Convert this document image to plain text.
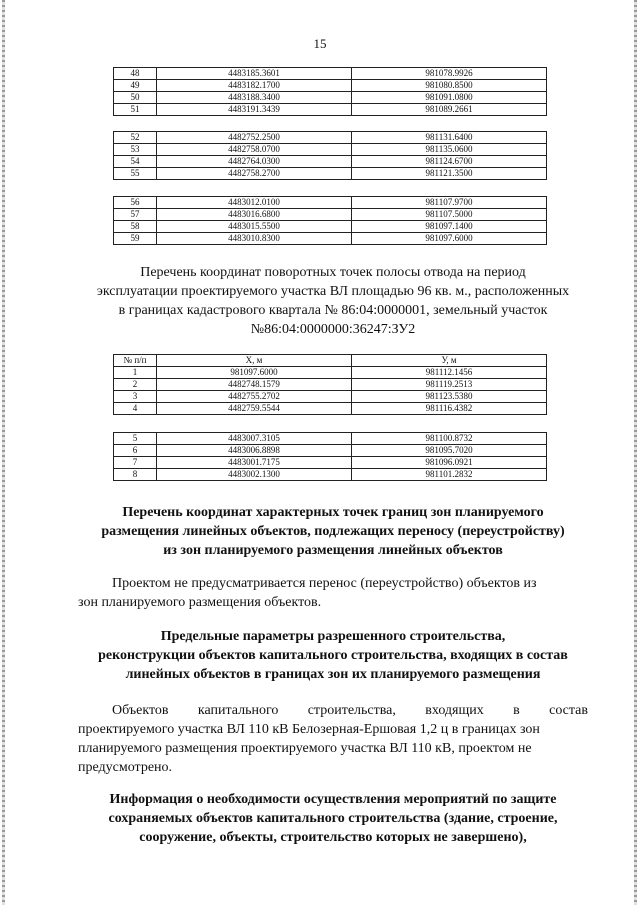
15
48	4483185.3601	981078.9926
49	4483182.1700	981080.8500
50	4483188.3400	981091.0800
51	4483191.3439	981089.2661
52	4482752.2500	981131.6400
53	4482758.0700	981135.0600
54	4482764.0300	981124.6700
55	4482758.2700	981121.3500
56	4483012.0100	981107.9700
57	4483016.6800	981107.5000
58	4483015.5500	981097.1400
59	4483010.8300	981097.6000
Перечень координат поворотных точек полосы отвода на период
эксплуатации проектируемого участка ВЛ площадью 96 кв. м., расположенных
в границах кадастрового квартала № 86:04:0000001, земельный участок
№86:04:0000000:36247:ЗУ2
№ п/п	X, м	У, м
1	981097.6000	981112.1456
2	4482748.1579	981119.2513
3	4482755.2702	981123.5380
4	4482759.5544	981116.4382
5	4483007.3105	981100.8732
6	4483006.8898	981095.7020
7	4483001.7175	981096.0921
8	4483002.1300	981101.2832
Перечень координат характерных точек границ зон планируемого
размещения линейных объектов, подлежащих переносу (переустройству)
из зон планируемого размещения линейных объектов
Проектом не предусматривается перенос (переустройство) объектов из
зон планируемого размещения объектов.
Предельные параметры разрешенного строительства,
реконструкции объектов капитального строительства, входящих в состав
линейных объектов в границах зон их планируемого размещения
Объектов капитального строительства, входящих в состав
проектируемого участка ВЛ 110 кВ Белозерная-Ершовая 1,2 ц в границах зон
планируемого размещения проектируемого участка ВЛ 110 кВ, проектом не
предусмотрено.
Информация о необходимости осуществления мероприятий по защите
сохраняемых объектов капитального строительства (здание, строение,
сооружение, объекты, строительство которых не завершено),
